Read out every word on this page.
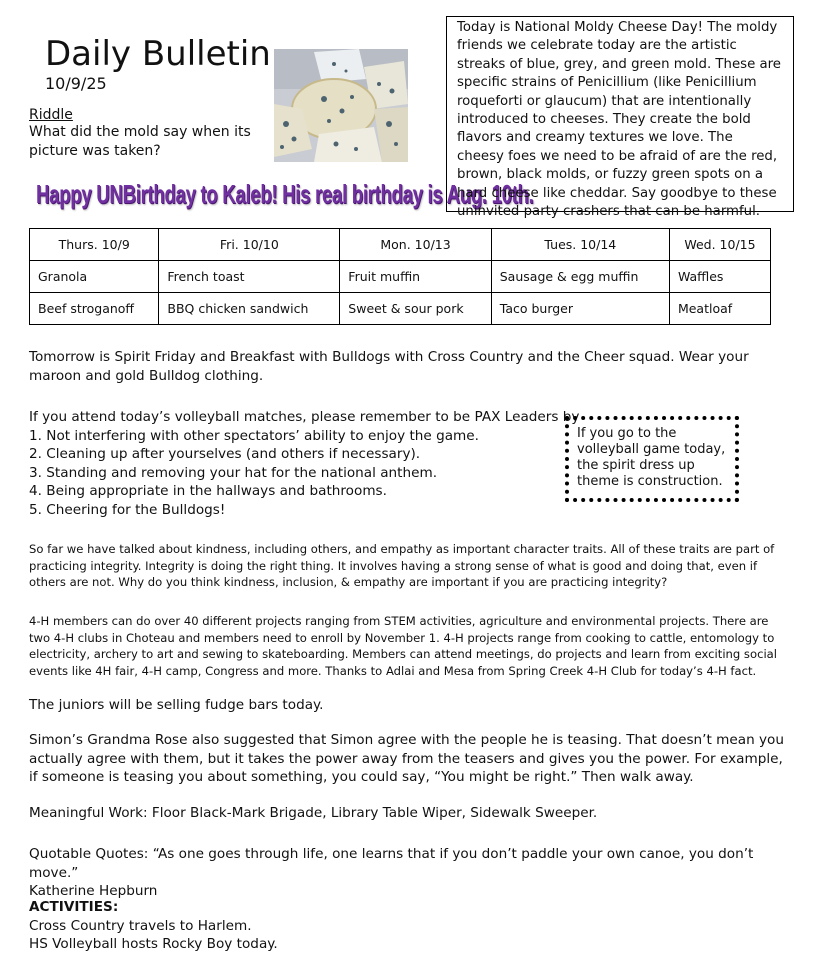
Daily Bulletin
10/9/25
Riddle
What did the mold say when its picture was taken?
Happy UNBirthday to Kaleb! His real birthday is Aug. 10th.
Today is National Moldy Cheese Day! The moldy friends we celebrate today are the artistic streaks of blue, grey, and green mold. These are specific strains of Penicillium (like Penicillium roqueforti or glaucum) that are intentionally introduced to cheeses. They create the bold flavors and creamy textures we love. The cheesy foes we need to be afraid of are the red, brown, black molds, or fuzzy green spots on a hard cheese like cheddar. Say goodbye to these uninvited party crashers that can be harmful.
Thurs. 10/9	Fri. 10/10	Mon. 10/13	Tues. 10/14	Wed. 10/15
Granola	French toast	Fruit muffin	Sausage & egg muffin	Waffles
Beef stroganoff	BBQ chicken sandwich	Sweet & sour pork	Taco burger	Meatloaf
Tomorrow is Spirit Friday and Breakfast with Bulldogs with Cross Country and the Cheer squad. Wear your maroon and gold Bulldog clothing.
If you attend today’s volleyball matches, please remember to be PAX Leaders by
1. Not interfering with other spectators’ ability to enjoy the game.
2. Cleaning up after yourselves (and others if necessary).
3. Standing and removing your hat for the national anthem.
4. Being appropriate in the hallways and bathrooms.
5. Cheering for the Bulldogs!
If you go to the volleyball game today, the spirit dress up theme is construction.
So far we have talked about kindness, including others, and empathy as important character traits. All of these traits are part of practicing integrity. Integrity is doing the right thing. It involves having a strong sense of what is good and doing that, even if others are not. Why do you think kindness, inclusion, & empathy are important if you are practicing integrity?
4-H members can do over 40 different projects ranging from STEM activities, agriculture and environmental projects. There are two 4-H clubs in Choteau and members need to enroll by November 1. 4-H projects range from cooking to cattle, entomology to electricity, archery to art and sewing to skateboarding. Members can attend meetings, do projects and learn from exciting social events like 4H fair, 4-H camp, Congress and more. Thanks to Adlai and Mesa from Spring Creek 4-H Club for today’s 4-H fact.
The juniors will be selling fudge bars today.
Simon’s Grandma Rose also suggested that Simon agree with the people he is teasing. That doesn’t mean you actually agree with them, but it takes the power away from the teasers and gives you the power. For example, if someone is teasing you about something, you could say, “You might be right.” Then walk away.
Meaningful Work: Floor Black-Mark Brigade, Library Table Wiper, Sidewalk Sweeper.
Quotable Quotes: “As one goes through life, one learns that if you don’t paddle your own canoe, you don’t move.”
Katherine Hepburn
ACTIVITIES:
Cross Country travels to Harlem.
HS Volleyball hosts Rocky Boy today.
